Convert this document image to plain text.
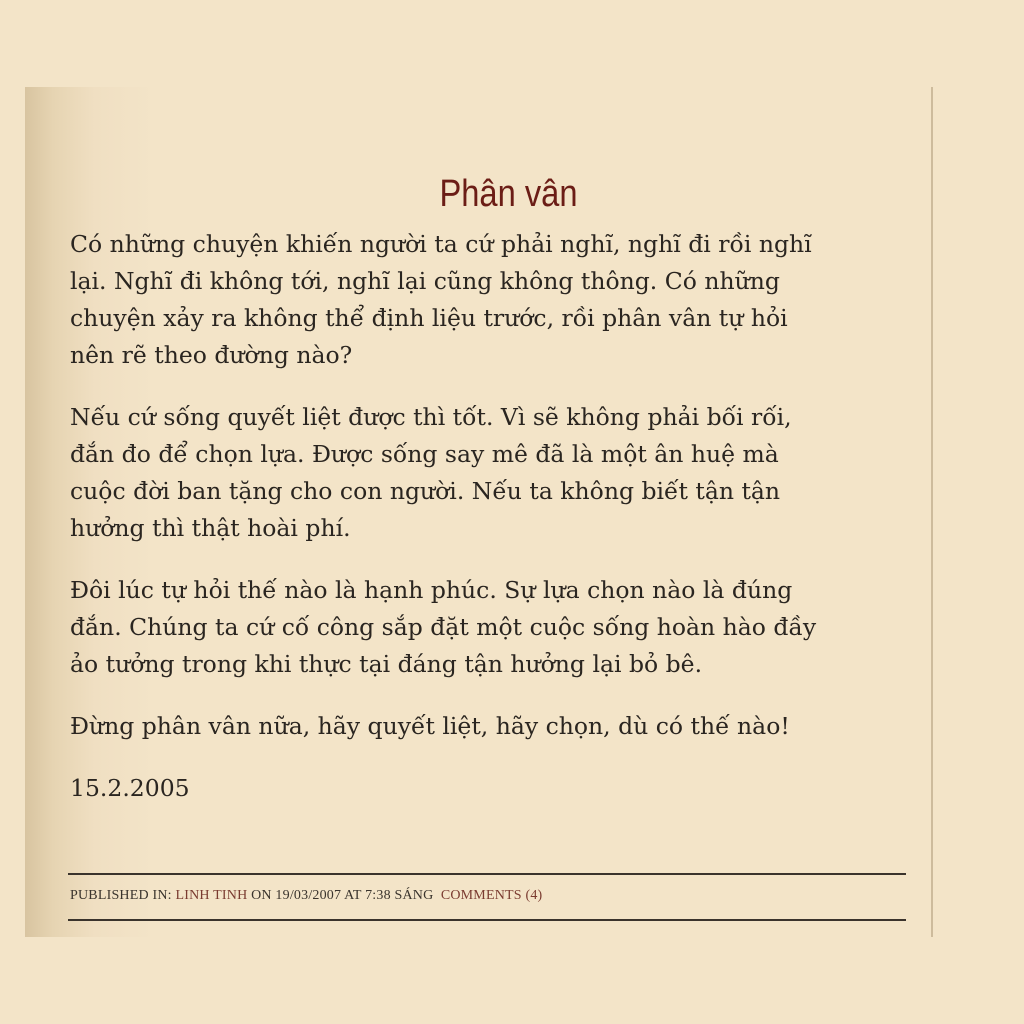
Phân vân

Có những chuyện khiến người ta cứ phải nghĩ, nghĩ đi rồi nghĩ
lại. Nghĩ đi không tới, nghĩ lại cũng không thông. Có những
chuyện xảy ra không thể định liệu trước, rồi phân vân tự hỏi
nên rẽ theo đường nào?

Nếu cứ sống quyết liệt được thì tốt. Vì sẽ không phải bối rối,
đắn đo để chọn lựa. Được sống say mê đã là một ân huệ mà
cuộc đời ban tặng cho con người. Nếu ta không biết tận tận
hưởng thì thật hoài phí.

Đôi lúc tự hỏi thế nào là hạnh phúc. Sự lựa chọn nào là đúng
đắn. Chúng ta cứ cố công sắp đặt một cuộc sống hoàn hào đầy
ảo tưởng trong khi thực tại đáng tận hưởng lại bỏ bê.

Đừng phân vân nữa, hãy quyết liệt, hãy chọn, dù có thế nào!

15.2.2005

PUBLISHED IN: LINH TINH ON 19/03/2007 AT 7:38 SÁNG COMMENTS (4)
